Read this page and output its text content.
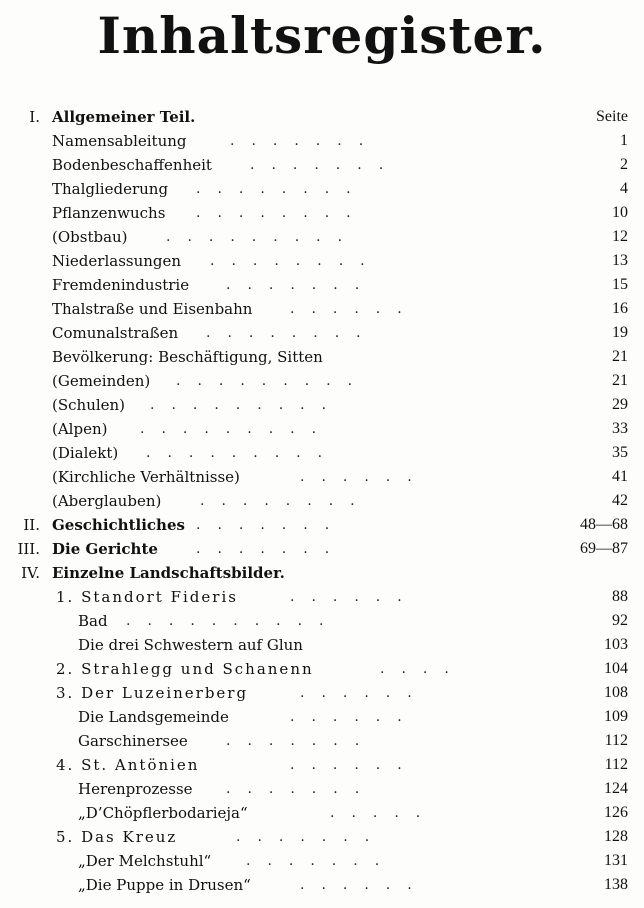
Inhaltsregister.
I. Allgemeiner Teil.	Seite
Namensableitung	.......	1
Bodenbeschaffenheit	.......	2
Thalgliederung ........	4
Pflanzenwuchs ........	10
(Obstbau)	.........	12
Niederlassungen ........	13
Fremdenindustrie	.......	15
Thalstraße und Eisenbahn	......	16
Comunalstraßen ........	19
Bevölkerung: Beschäftigung, Sitten	21
(Gemeinden) .........	21
(Schulen) .........	29
(Alpen) .........	33
(Dialekt) .........	35
(Kirchliche Verhältnisse)	......	41
(Aberglauben)	........	42
II. Geschichtliches .......	48—68
III. Die Gerichte	.......	69—87
IV. Einzelne Landschaftsbilder.
1. Standort Fideris	......	88
Bad ..........	92
Die drei Schwestern auf Glun	103
2. Strahlegg und Schanenn	....	104
3. Der Luzeinerberg	......	108
Die Landsgemeinde	......	109
Garschinersee	.......	112
4. St. Antönien	......	112
Herenprozesse .......	124
„D’Chöpflerbodarieja“	.....	126
5. Das Kreuz	.......	128
„Der Melchstuhl“ .......	131
„Die Puppe in Drusen“	......	138
